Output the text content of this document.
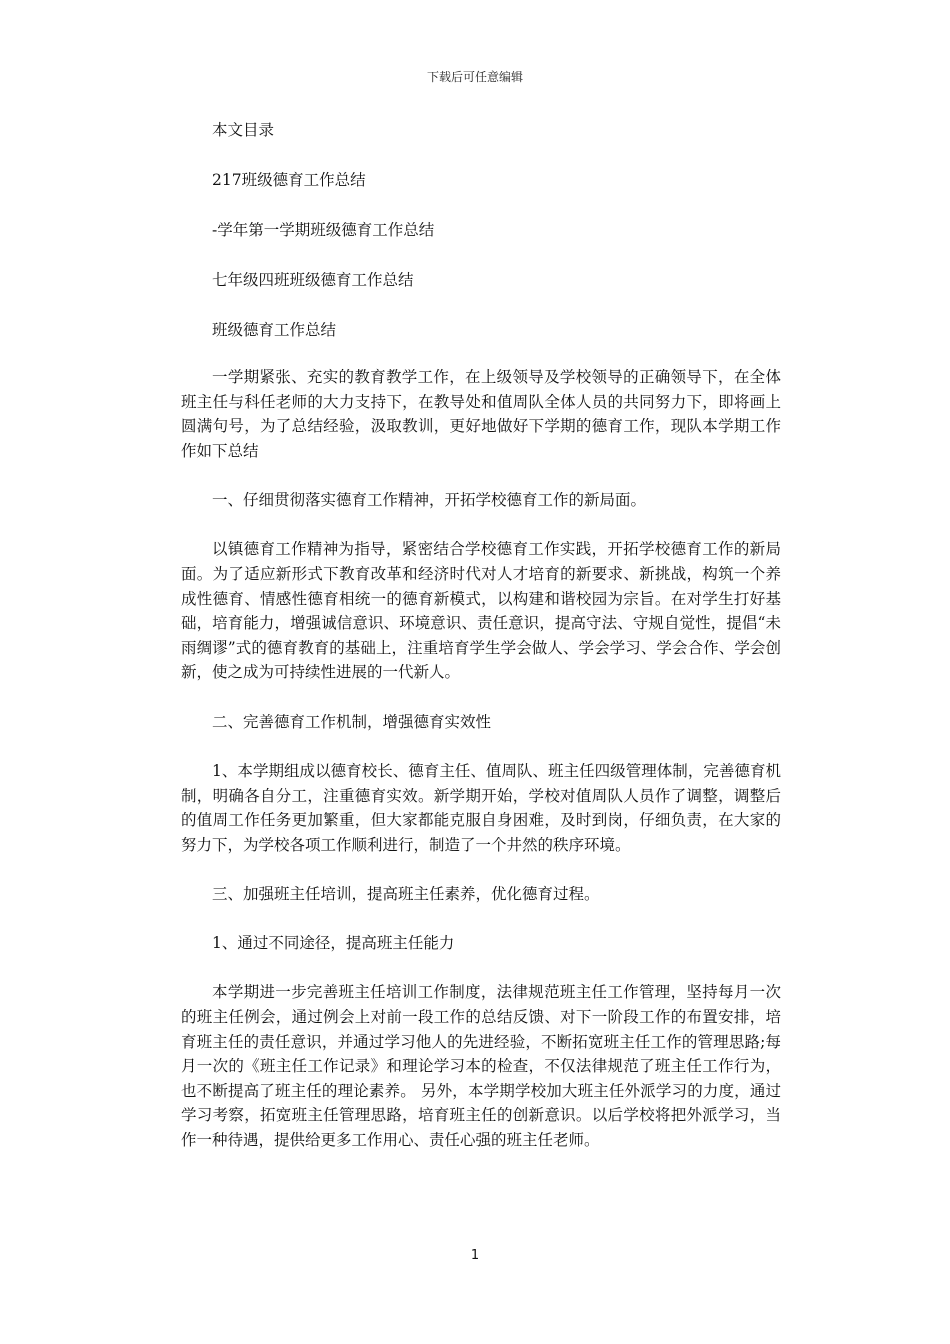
下载后可任意编辑
本文目录
217班级德育工作总结
-学年第一学期班级德育工作总结
七年级四班班级德育工作总结
班级德育工作总结

一学期紧张、充实的教育教学工作，在上级领导及学校领导的正确领导下，在全体班主任与科任老师的大力支持下，在教导处和值周队全体人员的共同努力下，即将画上圆满句号，为了总结经验，汲取教训，更好地做好下学期的德育工作，现队本学期工作作如下总结

一、仔细贯彻落实德育工作精神，开拓学校德育工作的新局面。

以镇德育工作精神为指导，紧密结合学校德育工作实践，开拓学校德育工作的新局面。为了适应新形式下教育改革和经济时代对人才培育的新要求、新挑战，构筑一个养成性德育、情感性德育相统一的德育新模式，以构建和谐校园为宗旨。在对学生打好基础，培育能力，增强诚信意识、环境意识、责任意识，提高守法、守规自觉性，提倡“未雨绸谬”式的德育教育的基础上，注重培育学生学会做人、学会学习、学会合作、学会创新，使之成为可持续性进展的一代新人。

二、完善德育工作机制，增强德育实效性

1、本学期组成以德育校长、德育主任、值周队、班主任四级管理体制，完善德育机制，明确各自分工，注重德育实效。新学期开始，学校对值周队人员作了调整，调整后的值周工作任务更加繁重，但大家都能克服自身困难，及时到岗，仔细负责，在大家的努力下，为学校各项工作顺利进行，制造了一个井然的秩序环境。

三、加强班主任培训，提高班主任素养，优化德育过程。
1、通过不同途径，提高班主任能力

本学期进一步完善班主任培训工作制度，法律规范班主任工作管理，坚持每月一次的班主任例会，通过例会上对前一段工作的总结反馈、对下一阶段工作的布置安排，培育班主任的责任意识，并通过学习他人的先进经验，不断拓宽班主任工作的管理思路;每月一次的《班主任工作记录》和理论学习本的检查，不仅法律规范了班主任工作行为，也不断提高了班主任的理论素养。 另外，本学期学校加大班主任外派学习的力度，通过学习考察，拓宽班主任管理思路，培育班主任的创新意识。以后学校将把外派学习，当作一种待遇，提供给更多工作用心、责任心强的班主任老师。

1
